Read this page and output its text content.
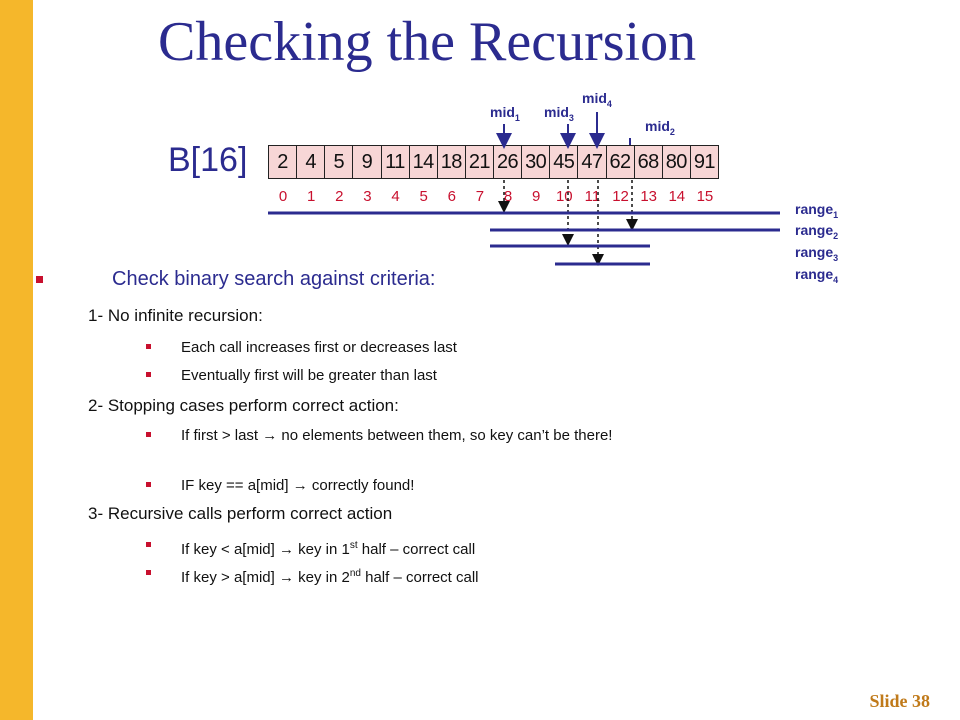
Checking the Recursion
B[16]	2 4 5 9 11 14 18 21 26 30 45 47 62 68 80 91
0	1	2	3	4	5	6	7	8	9	10 11 12 13 14 15
mid$_1$ mid$_3$
mid$_4$
mid$_2$
range$_1$
range$_2$
range$_3$
range$_4$
Check binary search against criteria:
1- No infinite recursion:
Each call increases first or decreases last
Eventually first will be greater than last
2- Stopping cases perform correct action:
If first > last → no elements between them, so key can’t be there!
IF key == a[mid] → correctly found!
3- Recursive calls perform correct action
If key < a[mid] → key in 1st half – correct call
If key > a[mid] → key in 2nd half – correct call
Slide 38
